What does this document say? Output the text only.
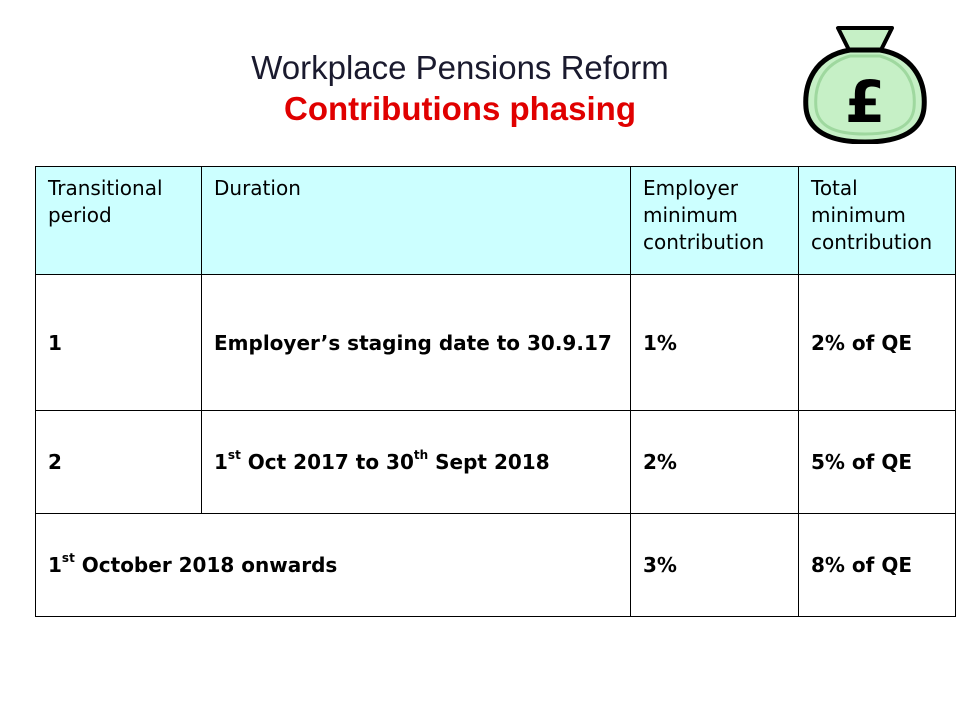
Workplace Pensions Reform
Contributions phasing	£
Transitional period	Duration	Employer minimum contribution	Total minimum contribution
1	Employer’s staging date to 30.9.17	1%	2% of QE
2	1st Oct 2017 to 30th Sept 2018	2%	5% of QE
1st October 2018 onwards		3%	8% of QE
